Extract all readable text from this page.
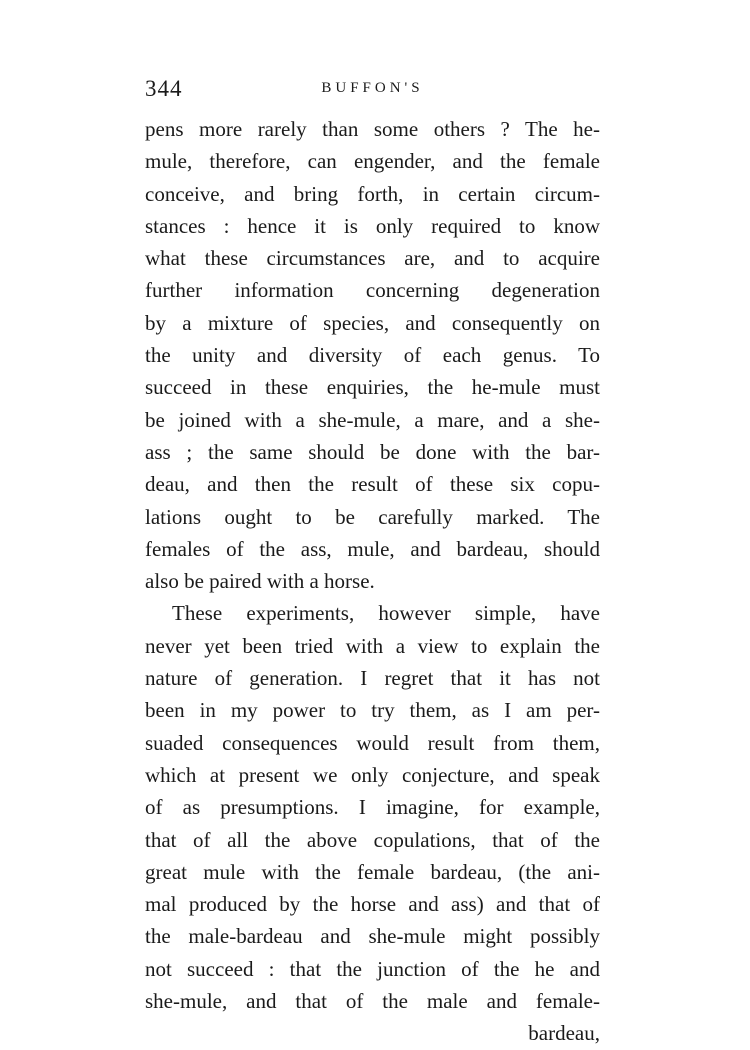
344	BUFFON'S
pens more rarely than some others ? The he-
mule, therefore, can engender, and the female
conceive, and bring forth, in certain circum-
stances : hence it is only required to know
what these circumstances are, and to acquire
further information concerning degeneration
by a mixture of species, and consequently on
the unity and diversity of each genus. To
succeed in these enquiries, the he-mule must
be joined with a she-mule, a mare, and a she-
ass ; the same should be done with the bar-
deau, and then the result of these six copu-
lations ought to be carefully marked. The
females of the ass, mule, and bardeau, should
also be paired with a horse.
These experiments, however simple, have
never yet been tried with a view to explain the
nature of generation. I regret that it has not
been in my power to try them, as I am per-
suaded consequences would result from them,
which at present we only conjecture, and speak
of as presumptions. I imagine, for example,
that of all the above copulations, that of the
great mule with the female bardeau, (the ani-
mal produced by the horse and ass) and that of
the male-bardeau and she-mule might possibly
not succeed : that the junction of the he and
she-mule, and that of the male and female-
bardeau,
